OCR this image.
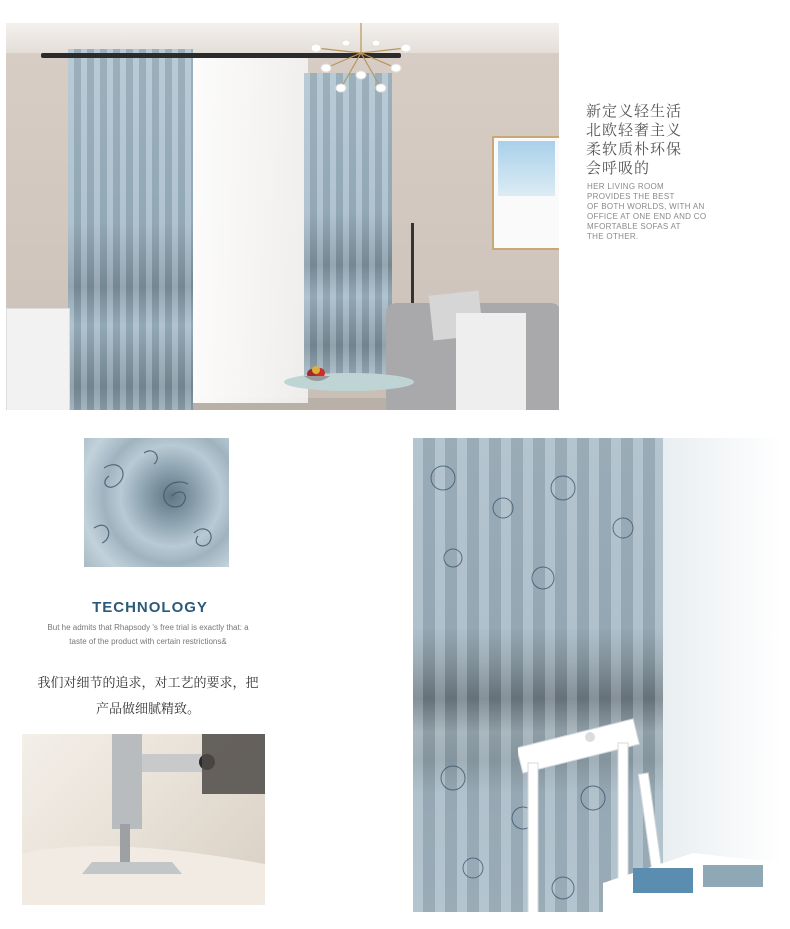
新定义轻生活
北欧轻奢主义
柔软质朴环保
会呼吸的
HER LIVING ROOM
PROVIDES THE BEST
OF BOTH WORLDS, WITH AN
OFFICE AT ONE END AND CO
MFORTABLE SOFAS AT
THE OTHER.
TECHNOLOGY
But he admits that Rhapsody 's free trial is exactly that: a
taste of the product with certain restrictions&
我们对细节的追求，对工艺的要求，把
产品做细腻精致。
